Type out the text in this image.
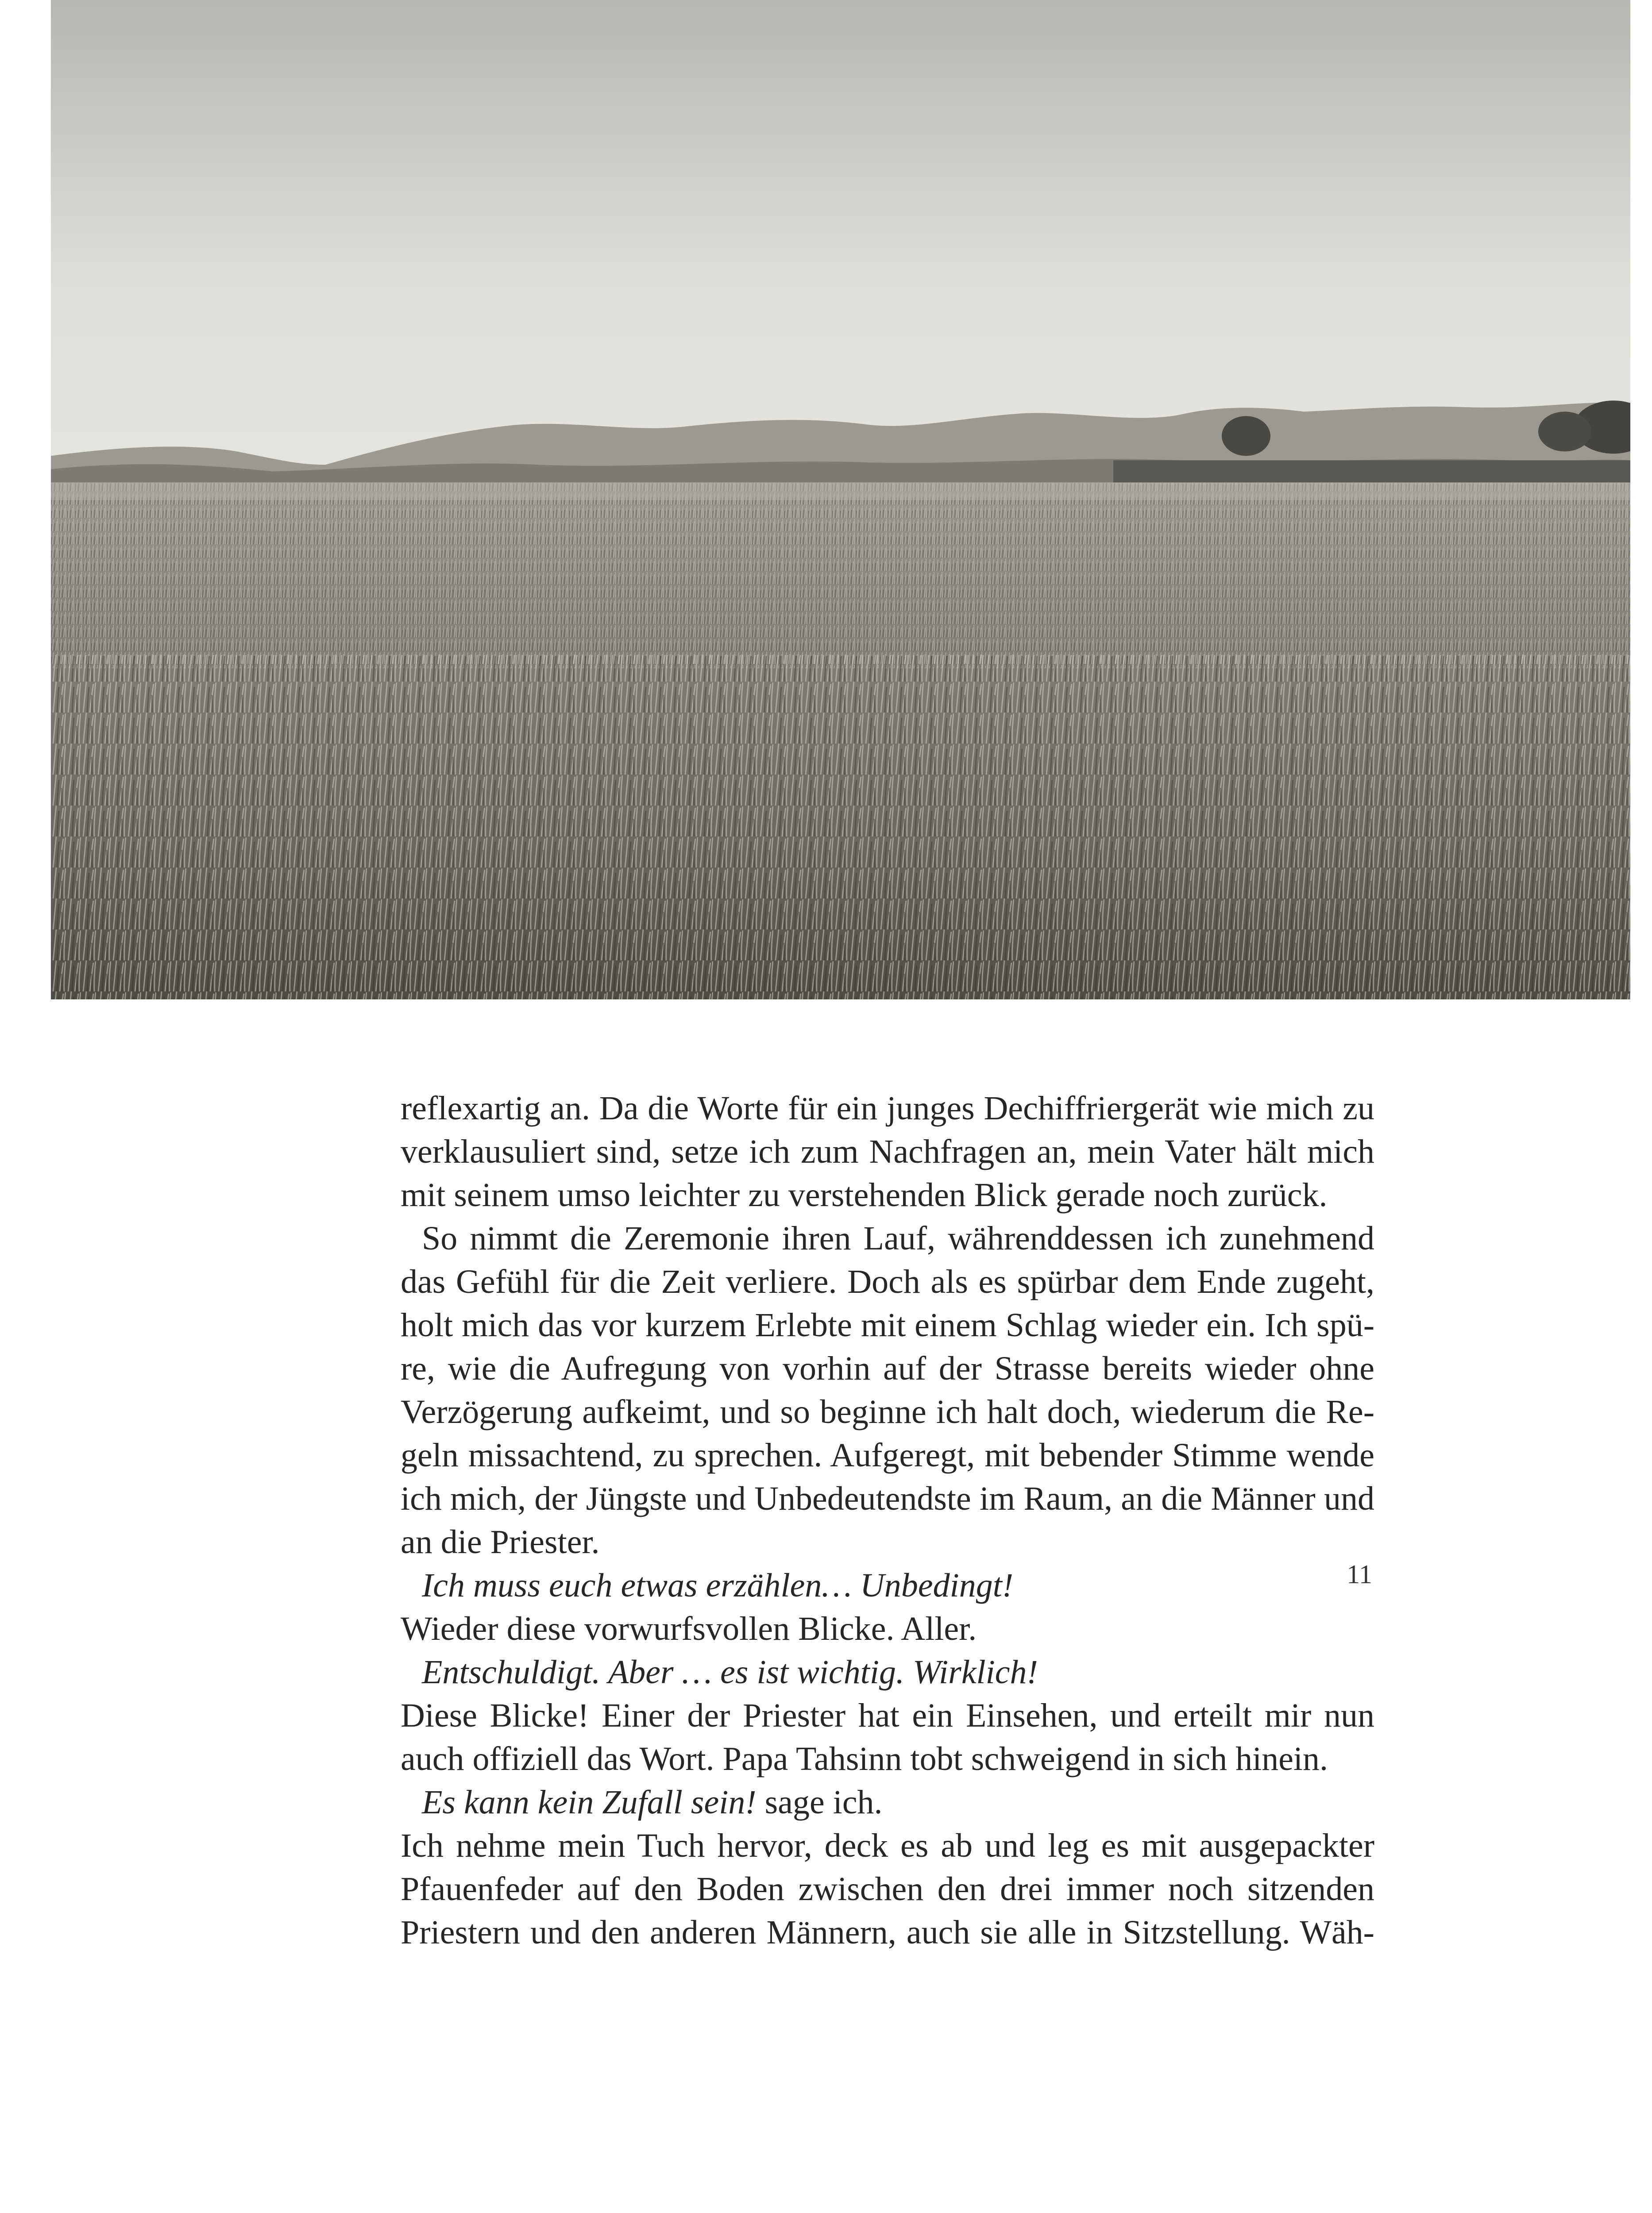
reflexartig an. Da die Worte für ein junges Dechiffriergerät wie mich zu
verklausuliert sind, setze ich zum Nachfragen an, mein Vater hält mich
mit seinem umso leichter zu verstehenden Blick gerade noch zurück.
So nimmt die Zeremonie ihren Lauf, währenddessen ich zunehmend
das Gefühl für die Zeit verliere. Doch als es spürbar dem Ende zugeht,
holt mich das vor kurzem Erlebte mit einem Schlag wieder ein. Ich spü-
re, wie die Aufregung von vorhin auf der Strasse bereits wieder ohne
Verzögerung aufkeimt, und so beginne ich halt doch, wiederum die Re-
geln missachtend, zu sprechen. Aufgeregt, mit bebender Stimme wende
ich mich, der Jüngste und Unbedeutendste im Raum, an die Männer und
an die Priester.
Ich muss euch etwas erzählen… Unbedingt!
Wieder diese vorwurfsvollen Blicke. Aller.
Entschuldigt. Aber … es ist wichtig. Wirklich!
Diese Blicke! Einer der Priester hat ein Einsehen, und erteilt mir nun
auch offiziell das Wort. Papa Tahsinn tobt schweigend in sich hinein.
Es kann kein Zufall sein! sage ich.
Ich nehme mein Tuch hervor, deck es ab und leg es mit ausgepackter
Pfauenfeder auf den Boden zwischen den drei immer noch sitzenden
Priestern und den anderen Männern, auch sie alle in Sitzstellung. Wäh-
11
